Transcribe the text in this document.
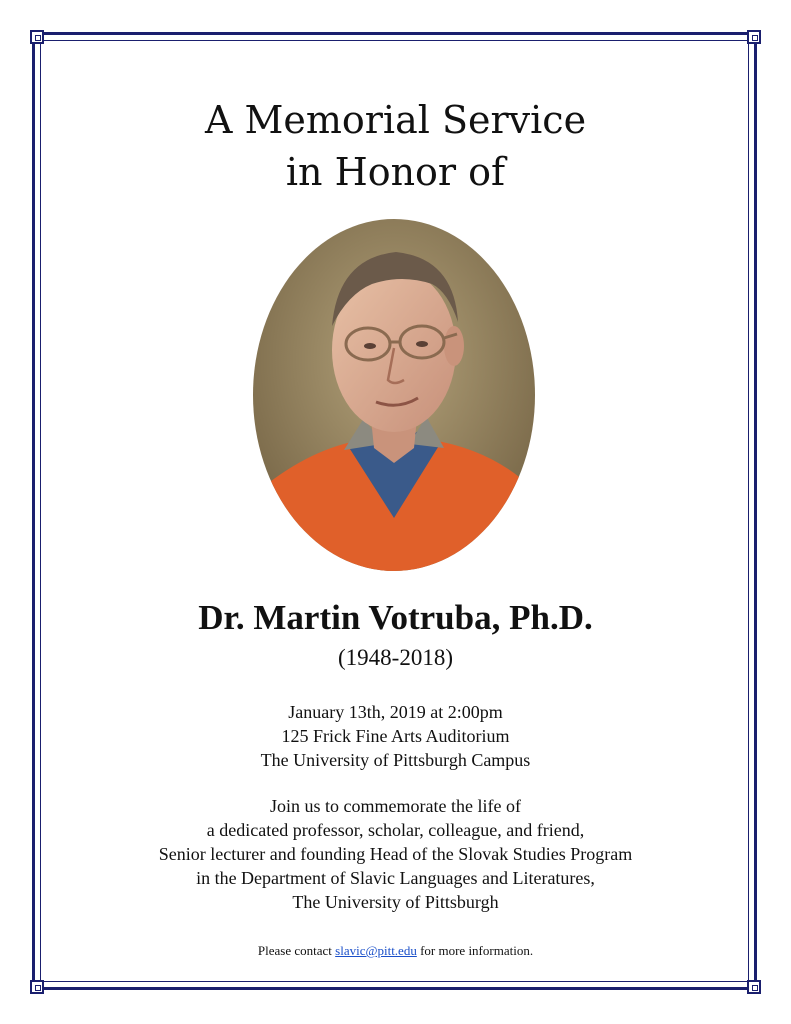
A Memorial Service
in Honor of
Dr. Martin Votruba, Ph.D.
(1948-2018)
January 13th, 2019 at 2:00pm
125 Frick Fine Arts Auditorium
The University of Pittsburgh Campus
Join us to commemorate the life of
a dedicated professor, scholar, colleague, and friend,
Senior lecturer and founding Head of the Slovak Studies Program
in the Department of Slavic Languages and Literatures,
The University of Pittsburgh
Please contact slavic@pitt.edu for more information.
